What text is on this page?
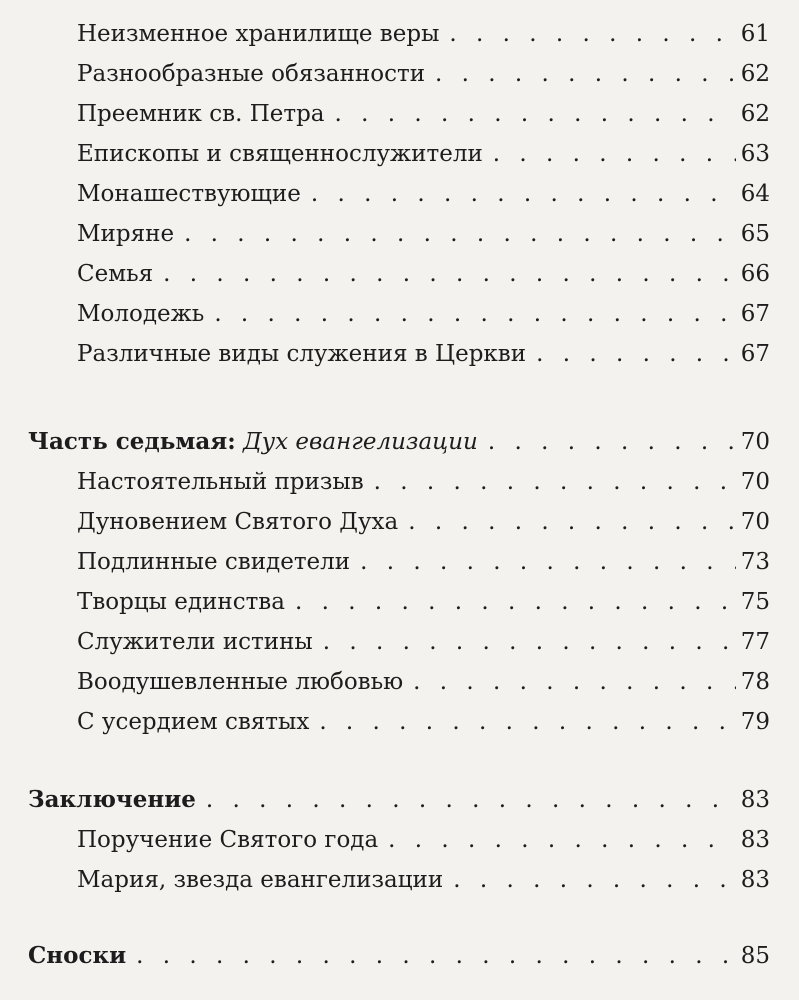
Неизменное хранилище веры . . .	61
Разнообразные обязанности . . .	62
Преемник св. Петра . . .	62
Епископы и священнослужители . . .	63
Монашествующие . . .	64
Миряне . . .	65
Семья . . .	66
Молодежь . . .	67
Различные виды служения в Церкви . . .	67
Часть седьмая: Дух евангелизации . . .	70
Настоятельный призыв . . .	70
Дуновением Святого Духа . . .	70
Подлинные свидетели . . .	73
Творцы единства . . .	75
Служители истины . . .	77
Воодушевленные любовью . . .	78
С усердием святых . . .	79
Заключение . . .	83
Поручение Святого года . . .	83
Мария, звезда евангелизации . . .	83
Сноски . . .	85
